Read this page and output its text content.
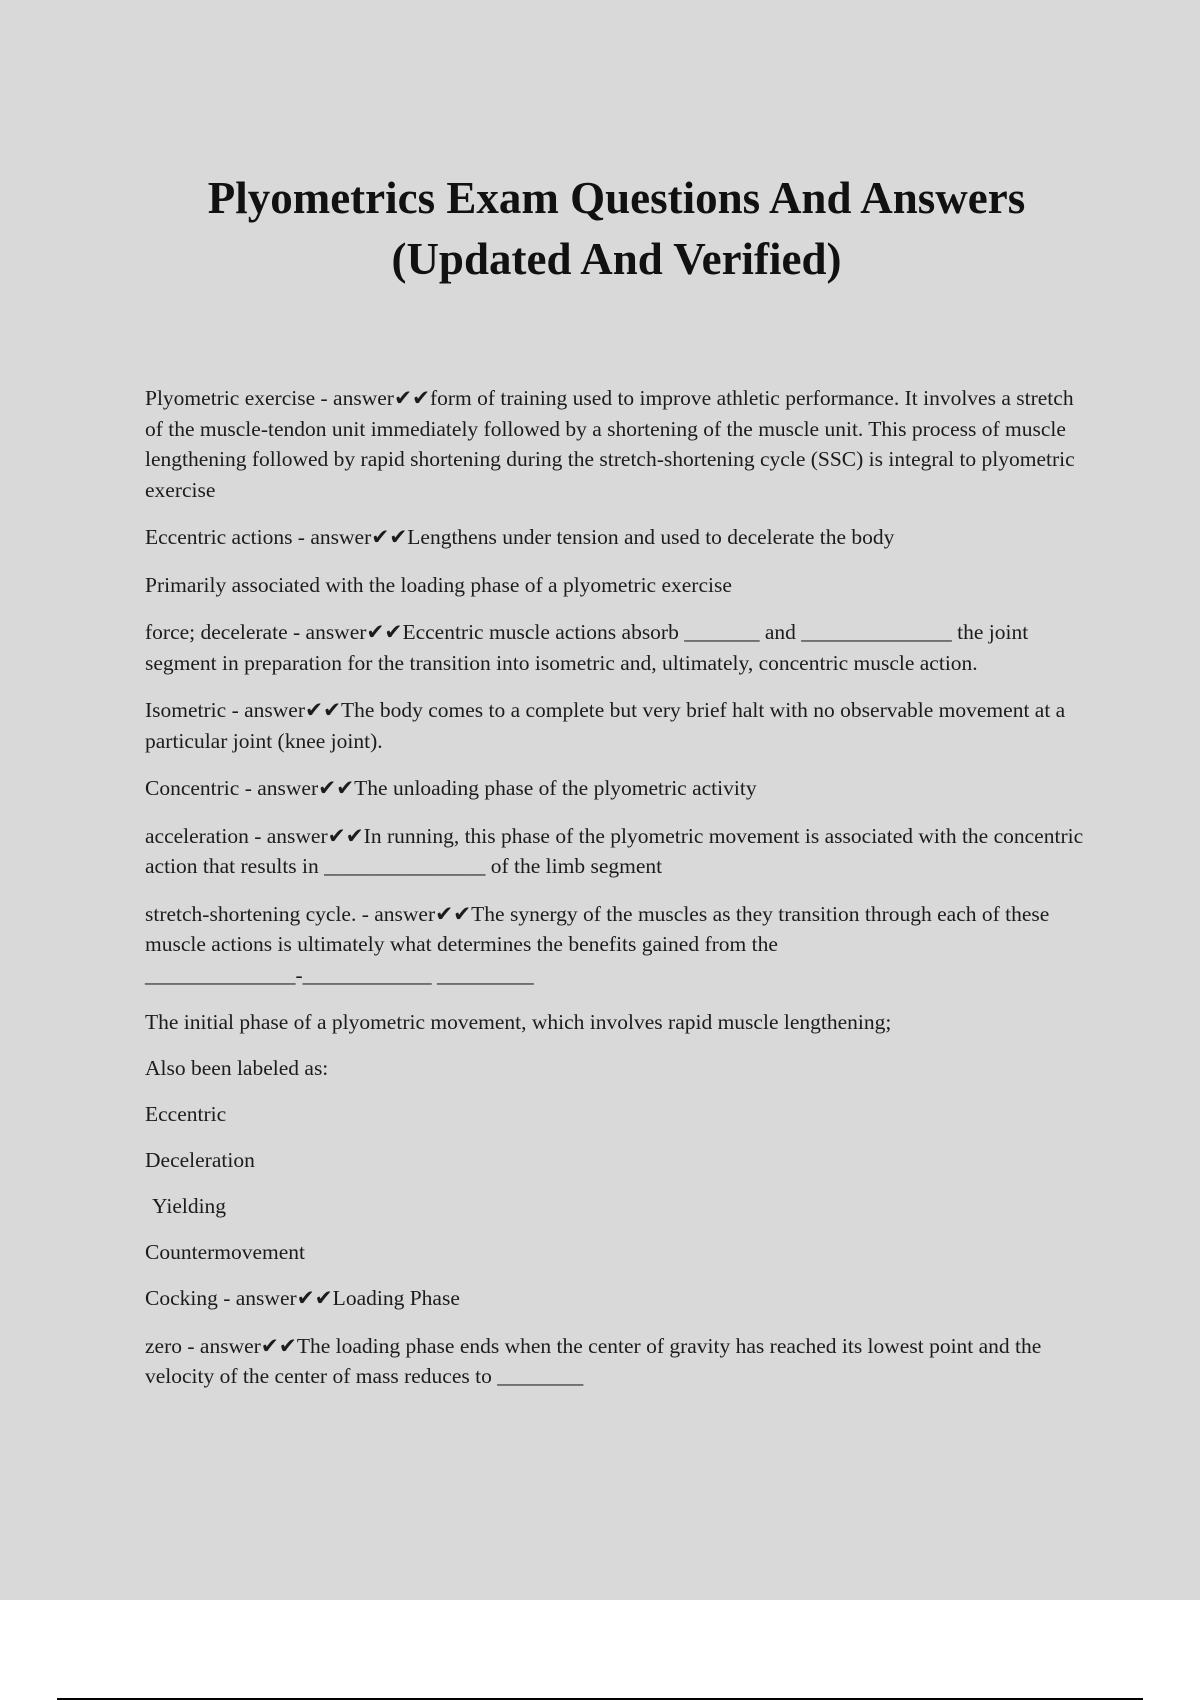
Plyometrics Exam Questions And Answers
(Updated And Verified)

Plyometric exercise - answer✔✔form of training used to improve athletic performance. It involves a stretch of the muscle-tendon unit immediately followed by a shortening of the muscle unit. This process of muscle lengthening followed by rapid shortening during the stretch-shortening cycle (SSC) is integral to plyometric exercise

Eccentric actions - answer✔✔Lengthens under tension and used to decelerate the body

Primarily associated with the loading phase of a plyometric exercise

force; decelerate - answer✔✔Eccentric muscle actions absorb _______ and ______________ the joint segment in preparation for the transition into isometric and, ultimately, concentric muscle action.

Isometric - answer✔✔The body comes to a complete but very brief halt with no observable movement at a particular joint (knee joint).

Concentric - answer✔✔The unloading phase of the plyometric activity

acceleration - answer✔✔In running, this phase of the plyometric movement is associated with the concentric action that results in _______________ of the limb segment

stretch-shortening cycle. - answer✔✔The synergy of the muscles as they transition through each of these muscle actions is ultimately what determines the benefits gained from the

______________-____________ _________

The initial phase of a plyometric movement, which involves rapid muscle lengthening;

Also been labeled as:

Eccentric

Deceleration

Yielding

Countermovement

Cocking - answer✔✔Loading Phase

zero - answer✔✔The loading phase ends when the center of gravity has reached its lowest point and the velocity of the center of mass reduces to ________
